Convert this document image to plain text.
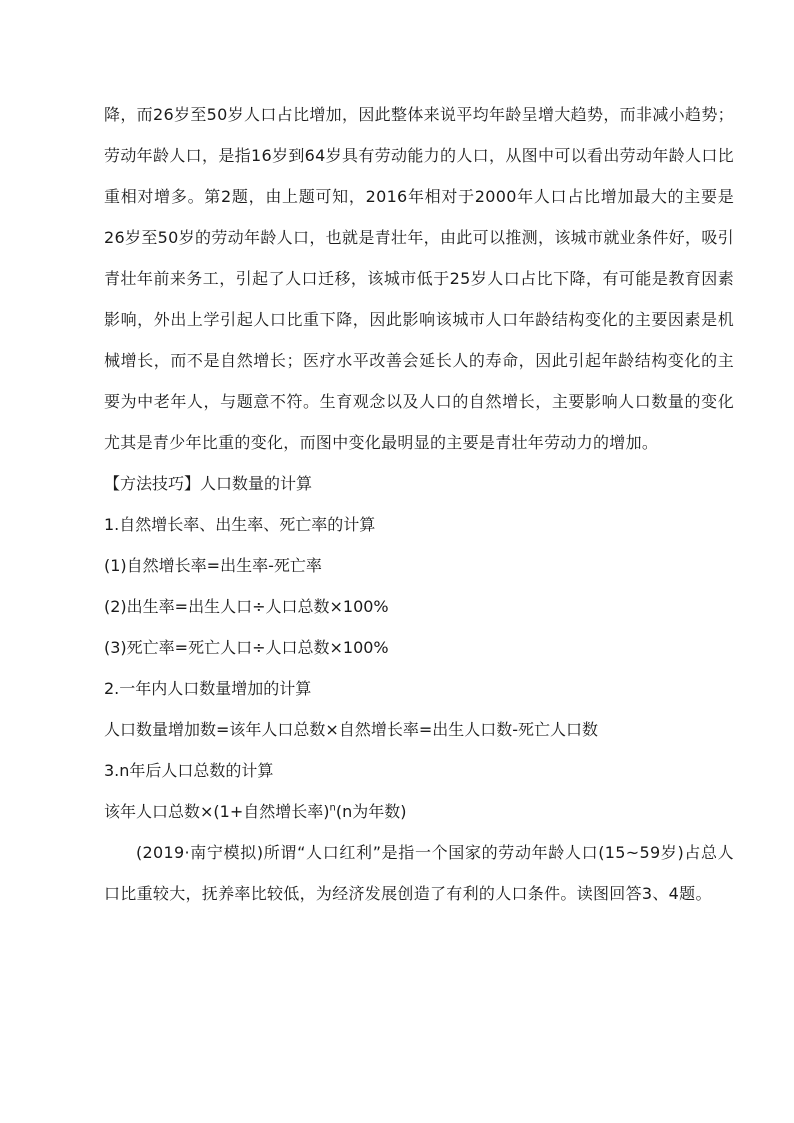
降，而26岁至50岁人口占比增加，因此整体来说平均年龄呈增大趋势，而非减小趋势；劳动年龄人口，是指16岁到64岁具有劳动能力的人口，从图中可以看出劳动年龄人口比重相对增多。第2题，由上题可知，2016年相对于2000年人口占比增加最大的主要是26岁至50岁的劳动年龄人口，也就是青壮年，由此可以推测，该城市就业条件好，吸引青壮年前来务工，引起了人口迁移，该城市低于25岁人口占比下降，有可能是教育因素影响，外出上学引起人口比重下降，因此影响该城市人口年龄结构变化的主要因素是机械增长，而不是自然增长；医疗水平改善会延长人的寿命，因此引起年龄结构变化的主要为中老年人，与题意不符。生育观念以及人口的自然增长，主要影响人口数量的变化尤其是青少年比重的变化，而图中变化最明显的主要是青壮年劳动力的增加。

【方法技巧】人口数量的计算

1.自然增长率、出生率、死亡率的计算

(1)自然增长率=出生率-死亡率

(2)出生率=出生人口÷人口总数×100%

(3)死亡率=死亡人口÷人口总数×100%

2.一年内人口数量增加的计算

人口数量增加数=该年人口总数×自然增长率=出生人口数-死亡人口数

3.n年后人口总数的计算

该年人口总数×(1+自然增长率)$^n$(n为年数)

(2019·南宁模拟)所谓“人口红利”是指一个国家的劳动年龄人口(15~59岁)占总人口比重较大，抚养率比较低，为经济发展创造了有利的人口条件。读图回答3、4题。
